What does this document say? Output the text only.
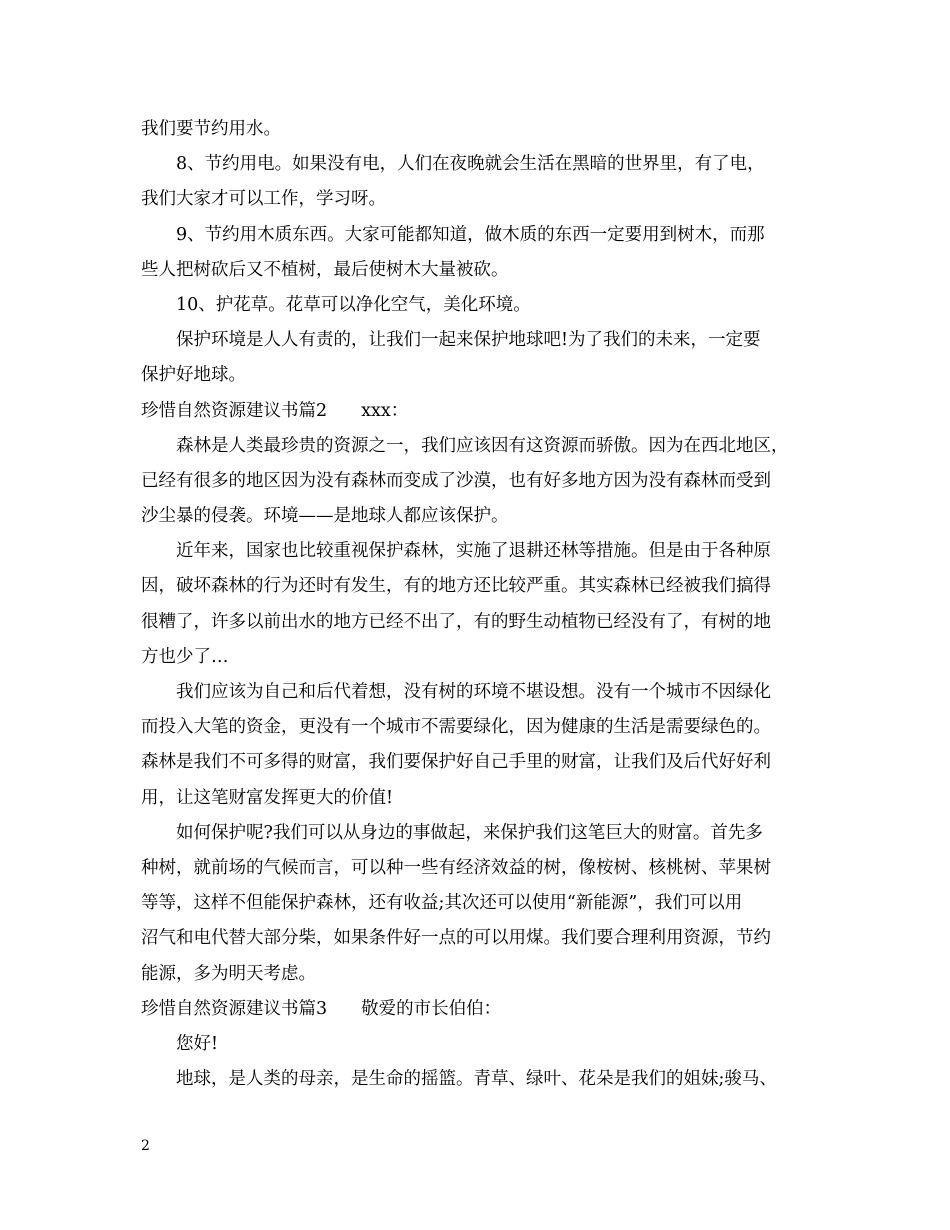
我们要节约用水。
8、节约用电。如果没有电，人们在夜晚就会生活在黑暗的世界里，有了电，
我们大家才可以工作，学习呀。
9、节约用木质东西。大家可能都知道，做木质的东西一定要用到树木，而那
些人把树砍后又不植树，最后使树木大量被砍。
10、护花草。花草可以净化空气，美化环境。
保护环境是人人有责的，让我们一起来保护地球吧!为了我们的未来，一定要
保护好地球。
珍惜自然资源建议书篇2 xxx：
森林是人类最珍贵的资源之一，我们应该因有这资源而骄傲。因为在西北地区，
已经有很多的地区因为没有森林而变成了沙漠，也有好多地方因为没有森林而受到
沙尘暴的侵袭。环境——是地球人都应该保护。
近年来，国家也比较重视保护森林，实施了退耕还林等措施。但是由于各种原
因，破坏森林的行为还时有发生，有的地方还比较严重。其实森林已经被我们搞得
很糟了，许多以前出水的地方已经不出了，有的野生动植物已经没有了，有树的地
方也少了…
我们应该为自己和后代着想，没有树的环境不堪设想。没有一个城市不因绿化
而投入大笔的资金，更没有一个城市不需要绿化，因为健康的生活是需要绿色的。
森林是我们不可多得的财富，我们要保护好自己手里的财富，让我们及后代好好利
用，让这笔财富发挥更大的价值!
如何保护呢?我们可以从身边的事做起，来保护我们这笔巨大的财富。首先多
种树，就前场的气候而言，可以种一些有经济效益的树，像桉树、核桃树、苹果树
等等，这样不但能保护森林，还有收益;其次还可以使用“新能源”，我们可以用
沼气和电代替大部分柴，如果条件好一点的可以用煤。我们要合理利用资源，节约
能源，多为明天考虑。
珍惜自然资源建议书篇3 敬爱的市长伯伯：
您好!
地球，是人类的母亲，是生命的摇篮。青草、绿叶、花朵是我们的姐妹;骏马、
2
